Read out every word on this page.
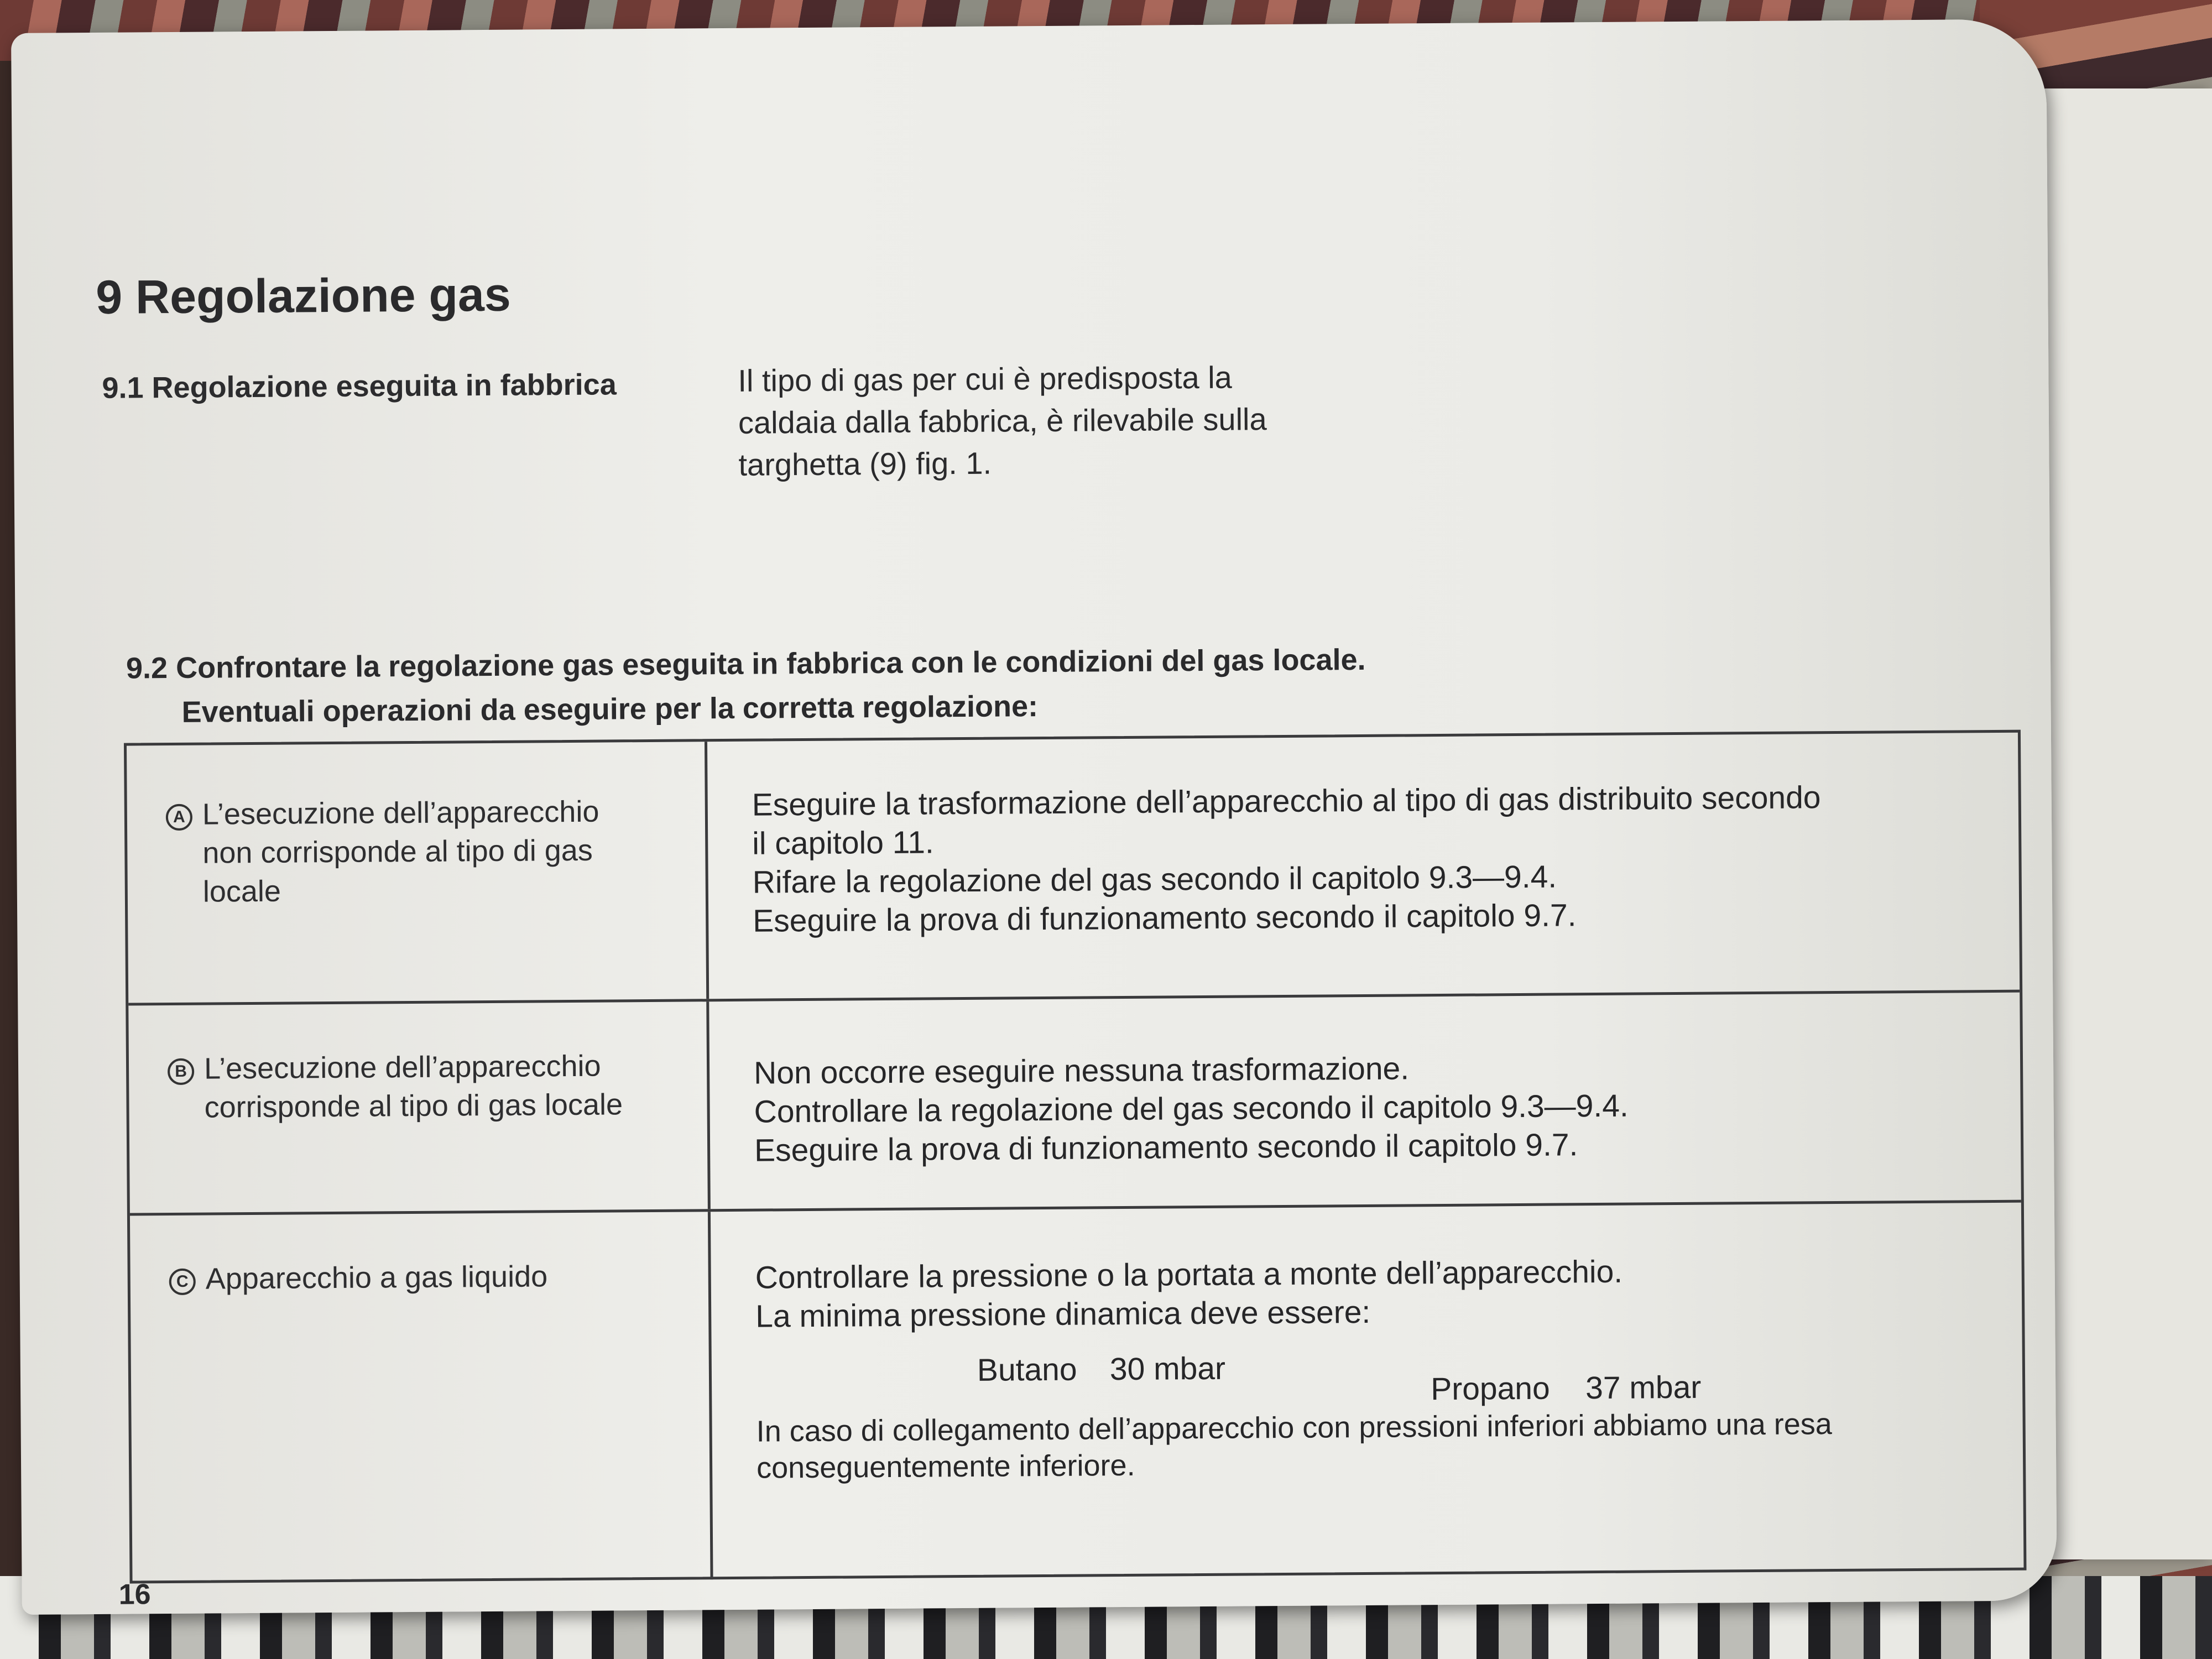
9 Regolazione gas
9.1 Regolazione eseguita in fabbrica	Il tipo di gas per cui è predisposta la
caldaia dalla fabbrica, è rilevabile sulla
targhetta (9) fig. 1.
9.2 Confrontare la regolazione gas eseguita in fabbrica con le condizioni del gas locale.
Eventuali operazioni da eseguire per la corretta regolazione:
A L’esecuzione dell’apparecchio non corrisponde al tipo di gas locale
Eseguire la trasformazione dell’apparecchio al tipo di gas distribuito secondo
il capitolo 11.
Rifare la regolazione del gas secondo il capitolo 9.3—9.4.
Eseguire la prova di funzionamento secondo il capitolo 9.7.
B L’esecuzione dell’apparecchio corrisponde al tipo di gas locale
Non occorre eseguire nessuna trasformazione.
Controllare la regolazione del gas secondo il capitolo 9.3—9.4.
Eseguire la prova di funzionamento secondo il capitolo 9.7.
C Apparecchio a gas liquido	Controllare la pressione o la portata a monte dell’apparecchio.
La minima pressione dinamica deve essere:
Butano 30 mbar
Propano 37 mbar
In caso di collegamento dell’apparecchio con pressioni inferiori abbiamo una resa conseguentemente inferiore.
16
